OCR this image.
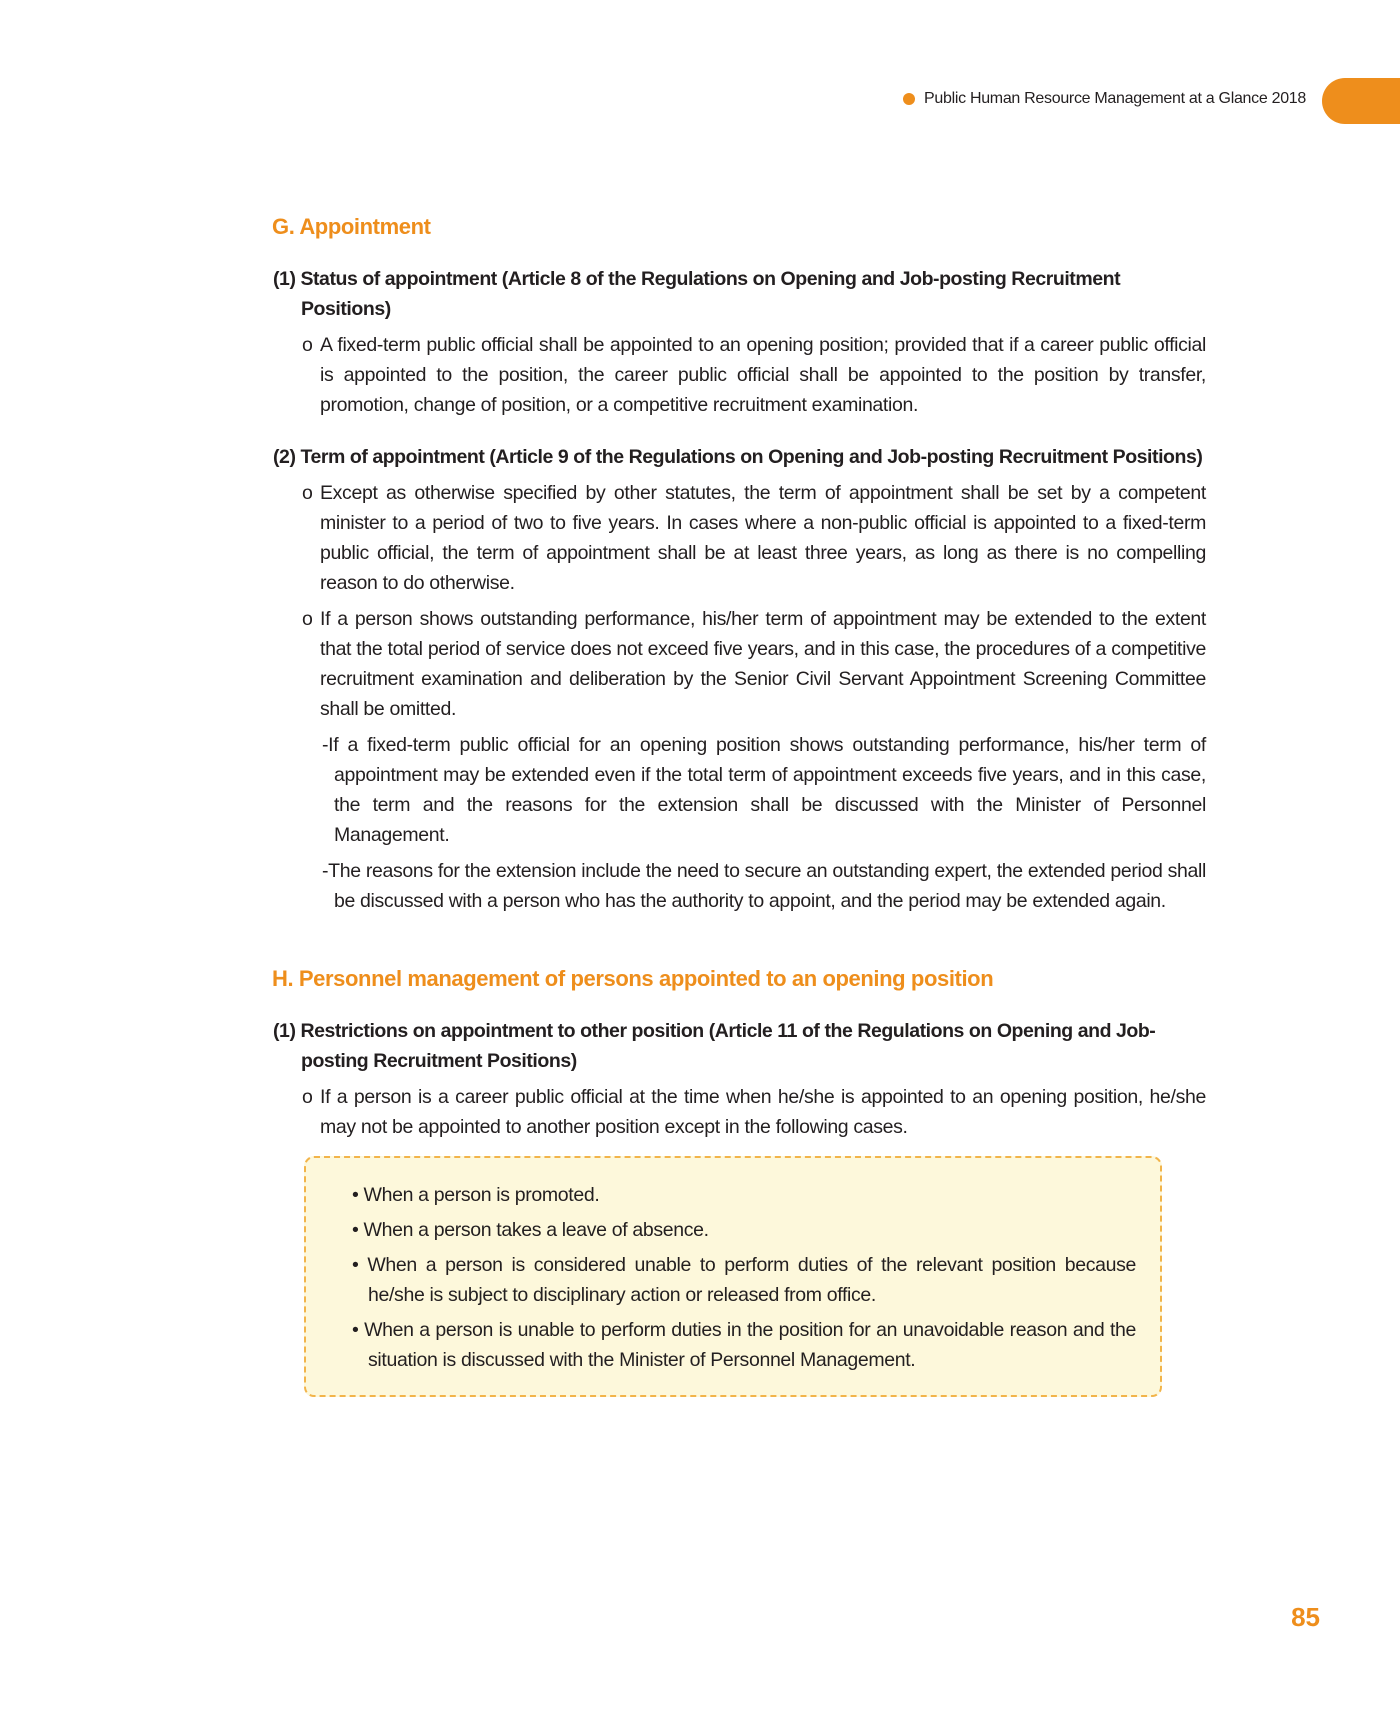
Public Human Resource Management at a Glance 2018
G. Appointment
(1) Status of appointment (Article 8 of the Regulations on Opening and Job-posting Recruitment Positions)

o A fixed-term public official shall be appointed to an opening position; provided that if a career public official is appointed to the position, the career public official shall be appointed to the position by transfer, promotion, change of position, or a competitive recruitment examination.

(2) Term of appointment (Article 9 of the Regulations on Opening and Job-posting Recruitment Positions)

o Except as otherwise specified by other statutes, the term of appointment shall be set by a competent minister to a period of two to five years. In cases where a non-public official is appointed to a fixed-term public official, the term of appointment shall be at least three years, as long as there is no compelling reason to do otherwise.

o If a person shows outstanding performance, his/her term of appointment may be extended to the extent that the total period of service does not exceed five years, and in this case, the procedures of a competitive recruitment examination and deliberation by the Senior Civil Servant Appointment Screening Committee shall be omitted.

-If a fixed-term public official for an opening position shows outstanding performance, his/her term of appointment may be extended even if the total term of appointment exceeds five years, and in this case, the term and the reasons for the extension shall be discussed with the Minister of Personnel Management.

-The reasons for the extension include the need to secure an outstanding expert, the extended period shall be discussed with a person who has the authority to appoint, and the period may be extended again.

H. Personnel management of persons appointed to an opening position
(1) Restrictions on appointment to other position (Article 11 of the Regulations on Opening and Job-posting Recruitment Positions)

o If a person is a career public official at the time when he/she is appointed to an opening position, he/she may not be appointed to another position except in the following cases.

• When a person is promoted.

• When a person takes a leave of absence.

• When a person is considered unable to perform duties of the relevant position because he/she is subject to disciplinary action or released from office.

• When a person is unable to perform duties in the position for an unavoidable reason and the situation is discussed with the Minister of Personnel Management.

85
